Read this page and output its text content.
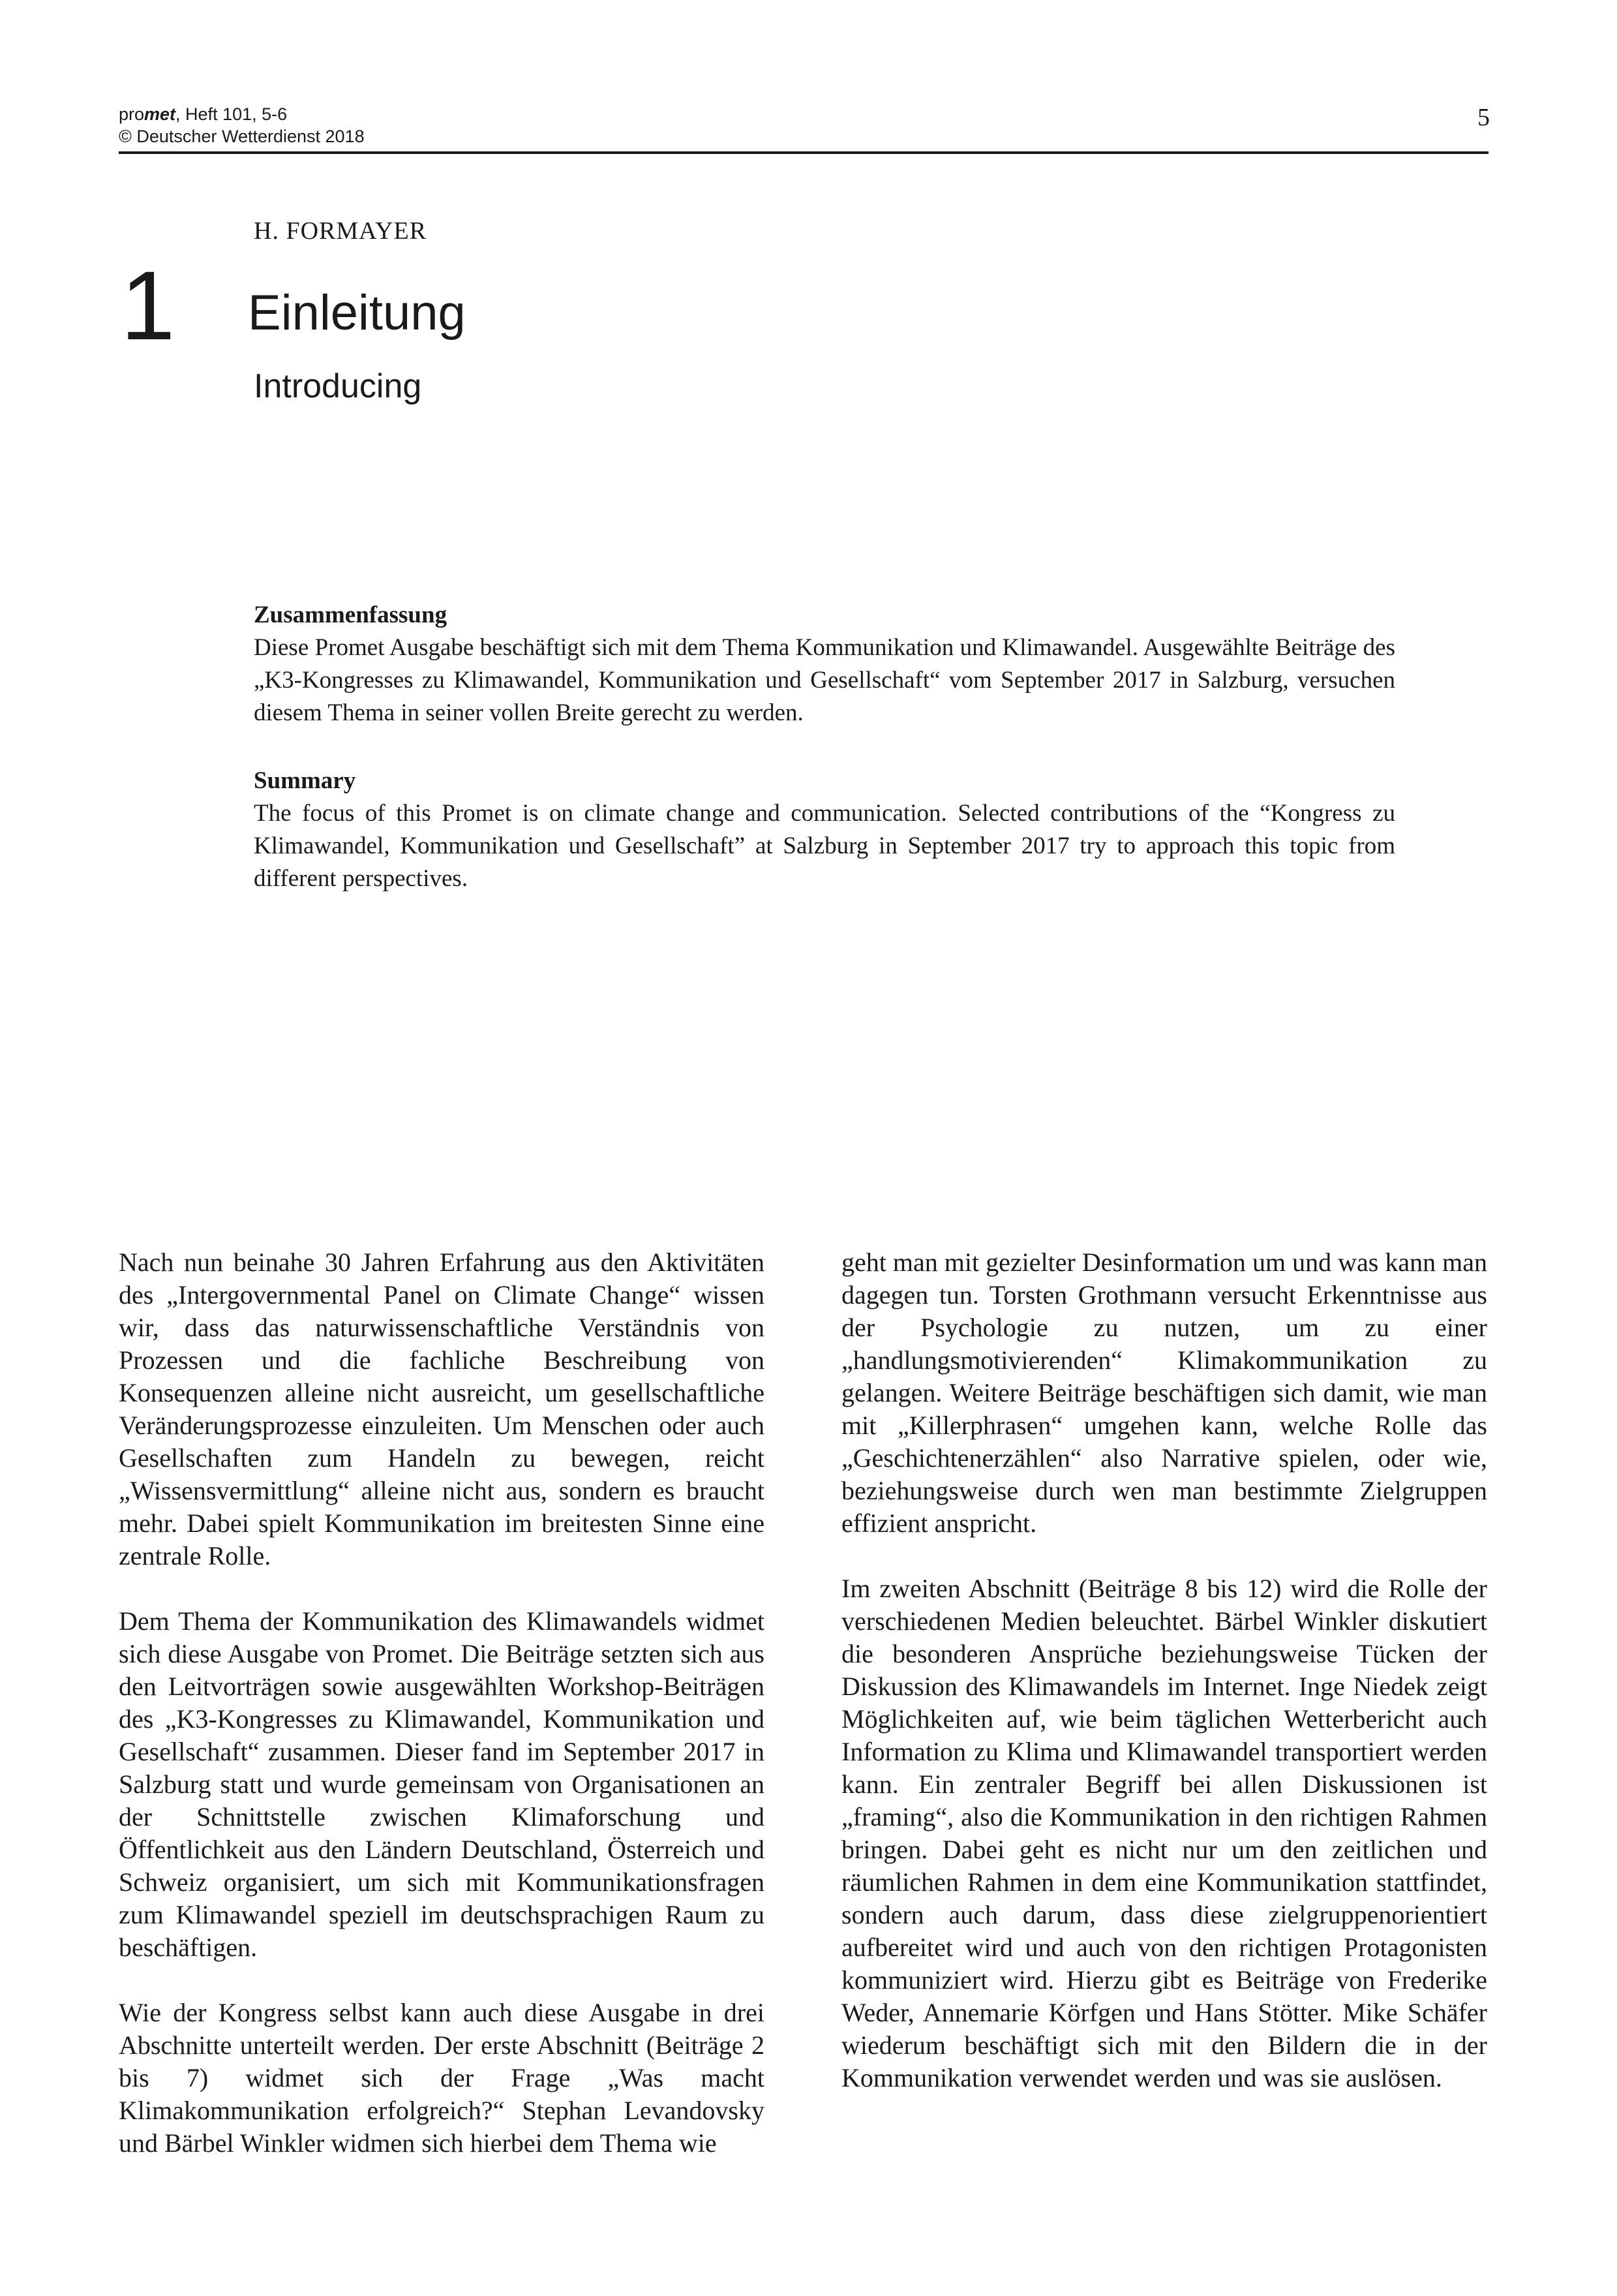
promet, Heft 101, 5-6
© Deutscher Wetterdienst 2018
5
H. FORMAYER
1 Einleitung
Introducing
Zusammenfassung
Diese Promet Ausgabe beschäftigt sich mit dem Thema Kommunikation und Klimawandel. Ausgewählte Beiträge des „K3-Kongresses zu Klimawandel, Kommunikation und Gesellschaft“ vom September 2017 in Salzburg, versuchen diesem Thema in seiner vollen Breite gerecht zu werden.
Summary
The focus of this Promet is on climate change and communication. Selected contributions of the “Kongress zu Klimawandel, Kommunikation und Gesellschaft” at Salzburg in September 2017 try to approach this topic from different perspectives.

Nach nun beinahe 30 Jahren Erfahrung aus den Aktivitäten des „Intergovernmental Panel on Climate Change“ wissen wir, dass das naturwissenschaftliche Verständnis von Prozessen und die fachliche Beschreibung von Konsequenzen alleine nicht ausreicht, um gesellschaftliche Veränderungsprozesse einzuleiten. Um Menschen oder auch Gesellschaften zum Handeln zu bewegen, reicht „Wissensvermittlung“ alleine nicht aus, sondern es braucht mehr. Dabei spielt Kommunikation im breitesten Sinne eine zentrale Rolle.

Dem Thema der Kommunikation des Klimawandels widmet sich diese Ausgabe von Promet. Die Beiträge setzten sich aus den Leitvorträgen sowie ausgewählten Workshop-Beiträgen des „K3-Kongresses zu Klimawandel, Kommunikation und Gesellschaft“ zusammen. Dieser fand im September 2017 in Salzburg statt und wurde gemeinsam von Organisationen an der Schnittstelle zwischen Klimaforschung und Öffentlichkeit aus den Ländern Deutschland, Österreich und Schweiz organisiert, um sich mit Kommunikationsfragen zum Klimawandel speziell im deutschsprachigen Raum zu beschäftigen.

Wie der Kongress selbst kann auch diese Ausgabe in drei Abschnitte unterteilt werden. Der erste Abschnitt (Beiträge 2 bis 7) widmet sich der Frage „Was macht Klimakommunikation erfolgreich?“ Stephan Levandovsky und Bärbel Winkler widmen sich hierbei dem Thema wie

geht man mit gezielter Desinformation um und was kann man dagegen tun. Torsten Grothmann versucht Erkenntnisse aus der Psychologie zu nutzen, um zu einer „handlungsmotivierenden“ Klimakommunikation zu gelangen. Weitere Beiträge beschäftigen sich damit, wie man mit „Killerphrasen“ umgehen kann, welche Rolle das „Geschichtenerzählen“ also Narrative spielen, oder wie, beziehungsweise durch wen man bestimmte Zielgruppen effizient anspricht.

Im zweiten Abschnitt (Beiträge 8 bis 12) wird die Rolle der verschiedenen Medien beleuchtet. Bärbel Winkler diskutiert die besonderen Ansprüche beziehungsweise Tücken der Diskussion des Klimawandels im Internet. Inge Niedek zeigt Möglichkeiten auf, wie beim täglichen Wetterbericht auch Information zu Klima und Klimawandel transportiert werden kann. Ein zentraler Begriff bei allen Diskussionen ist „framing“, also die Kommunikation in den richtigen Rahmen bringen. Dabei geht es nicht nur um den zeitlichen und räumlichen Rahmen in dem eine Kommunikation stattfindet, sondern auch darum, dass diese zielgruppenorientiert aufbereitet wird und auch von den richtigen Protagonisten kommuniziert wird. Hierzu gibt es Beiträge von Frederike Weder, Annemarie Körfgen und Hans Stötter. Mike Schäfer wiederum beschäftigt sich mit den Bildern die in der Kommunikation verwendet werden und was sie auslösen.
